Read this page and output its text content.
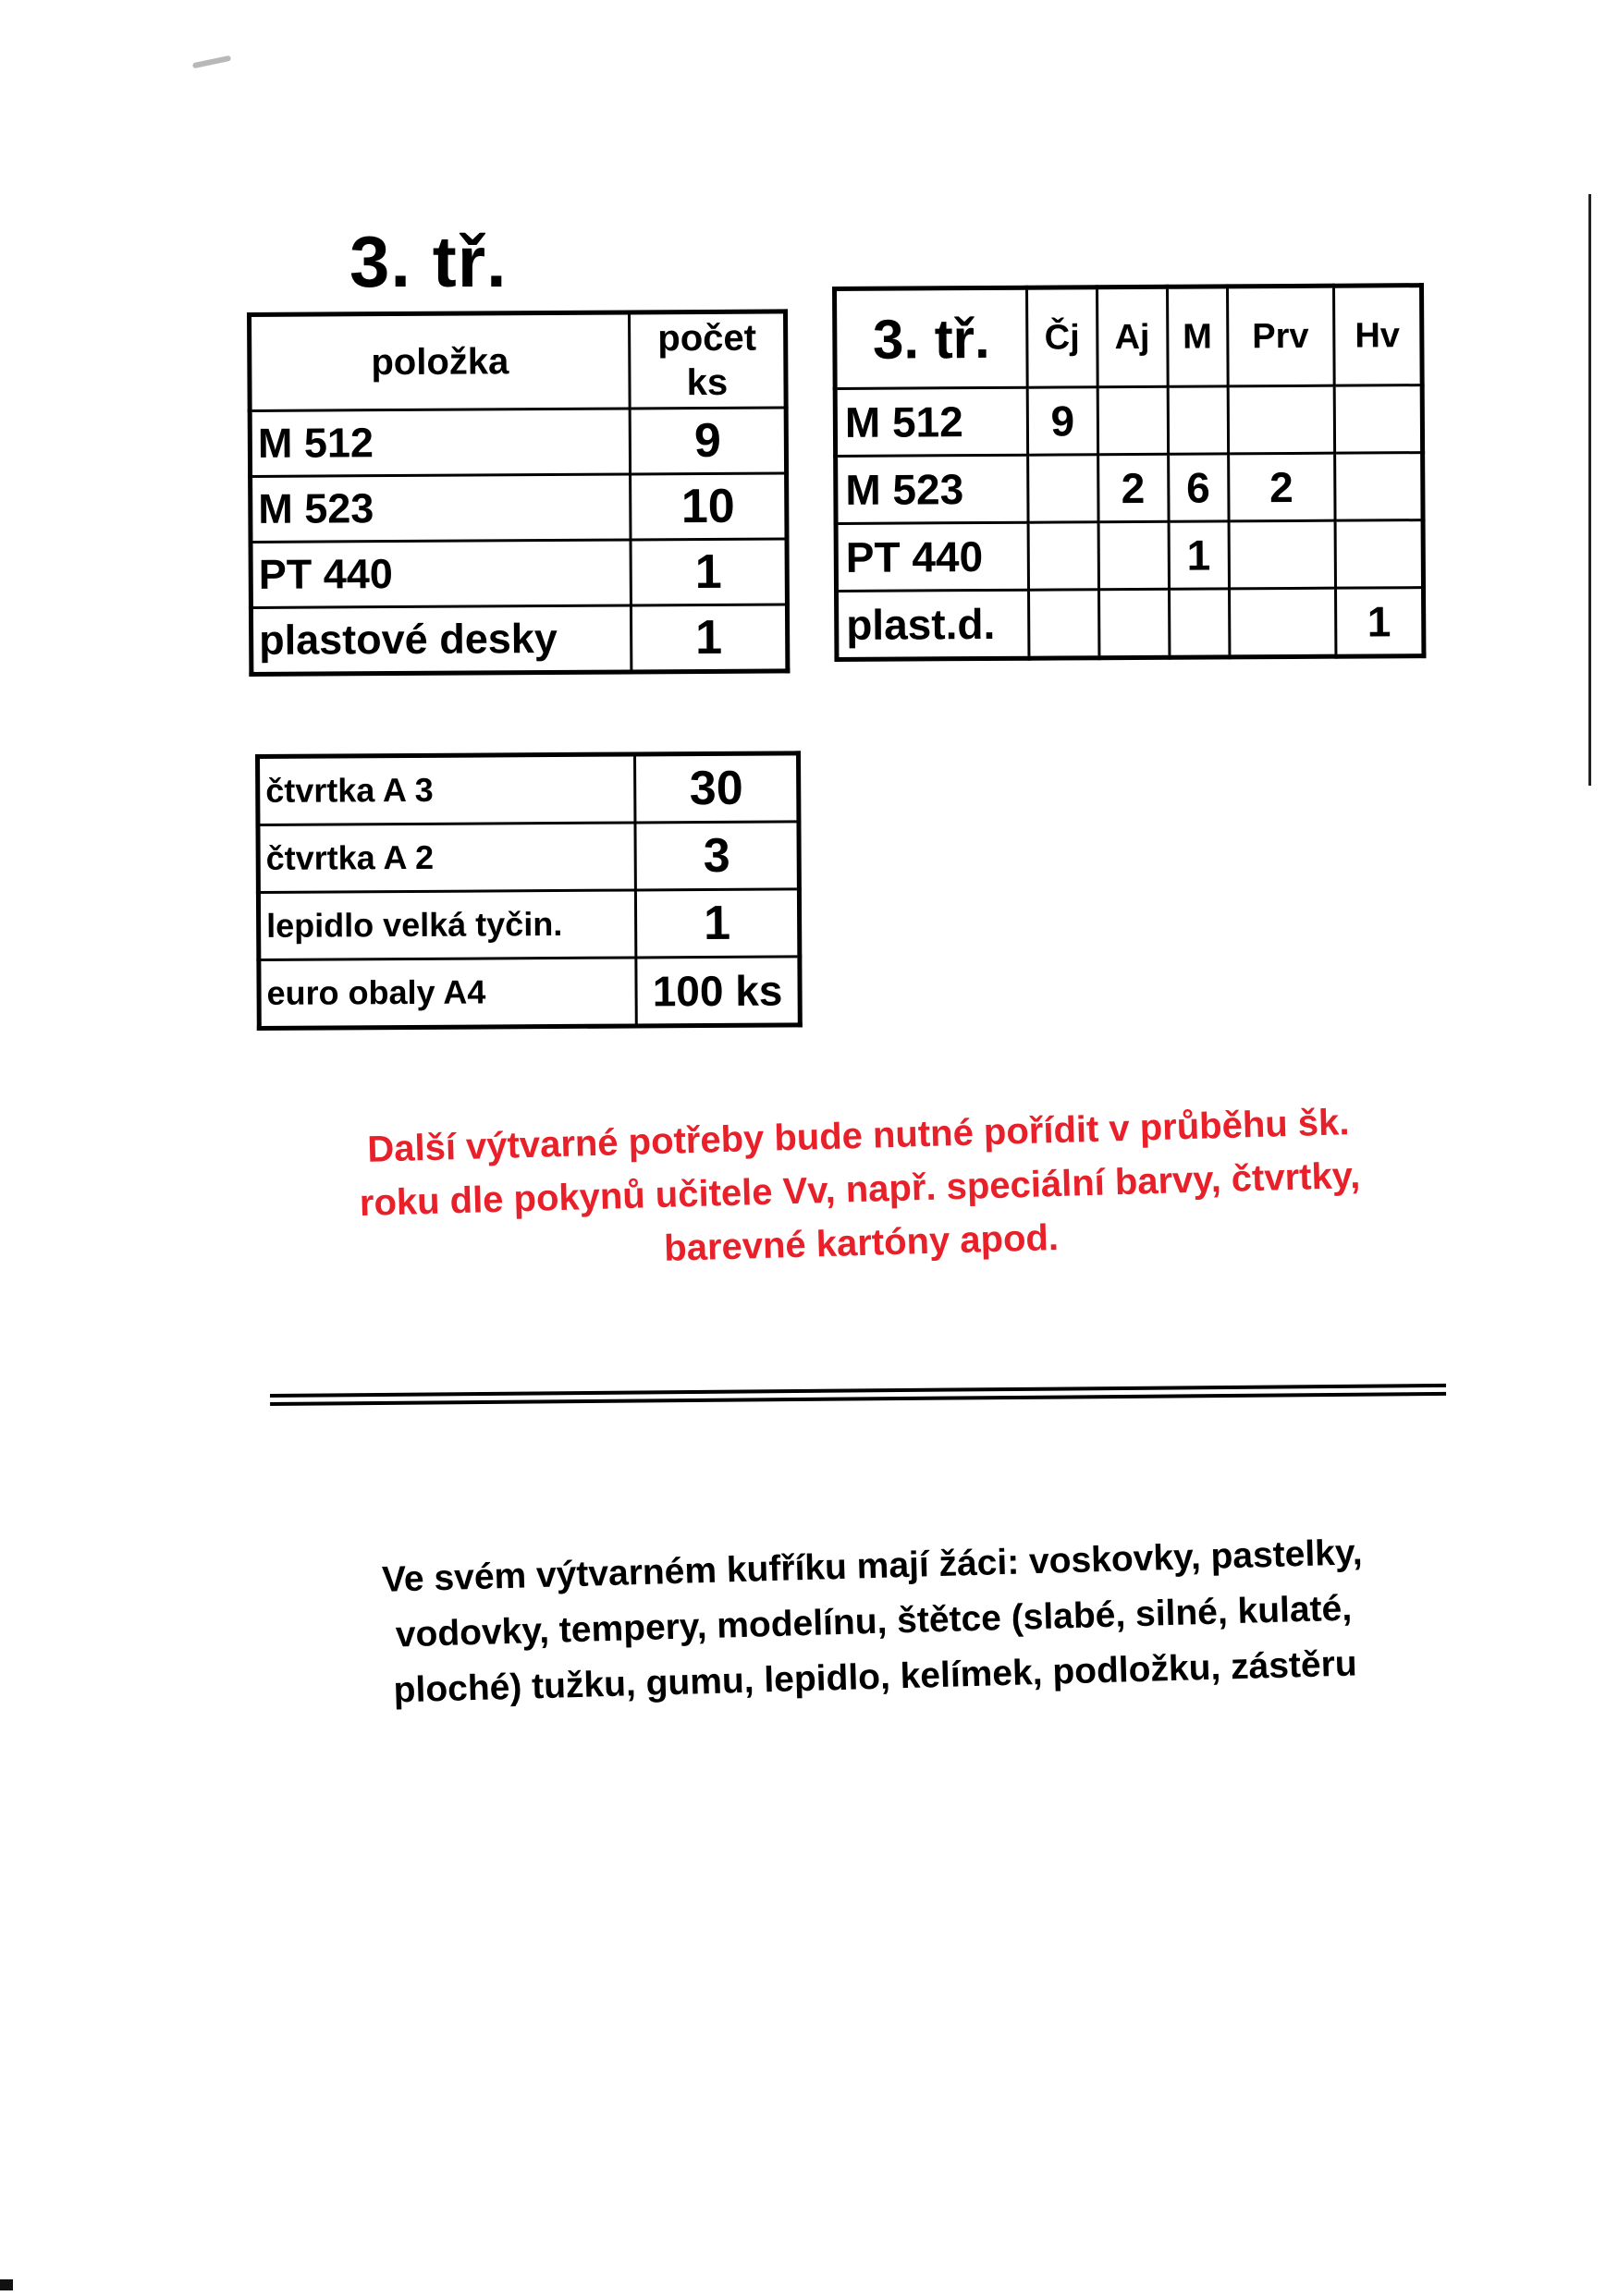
3. tř.
položka	počet
ks
M 512	9
M 523	10
PT 440	1
plastové desky	1
3. tř.	Čj	Aj	M	Prv	Hv
M 512	9				
M 523		2	6	2	
PT 440			1		
plast.d.					1
čtvrtka A 3	30
čtvrtka A 2	3
lepidlo velká tyčin.	1
euro obaly A4	100 ks

Další výtvarné potřeby bude nutné pořídit v průběhu šk.
roku dle pokynů učitele Vv, např. speciální barvy, čtvrtky,
barevné kartóny apod.

Ve svém výtvarném kufříku mají žáci: voskovky, pastelky,
vodovky, tempery, modelínu, štětce (slabé, silné, kulaté,
ploché) tužku, gumu, lepidlo, kelímek, podložku, zástěru
